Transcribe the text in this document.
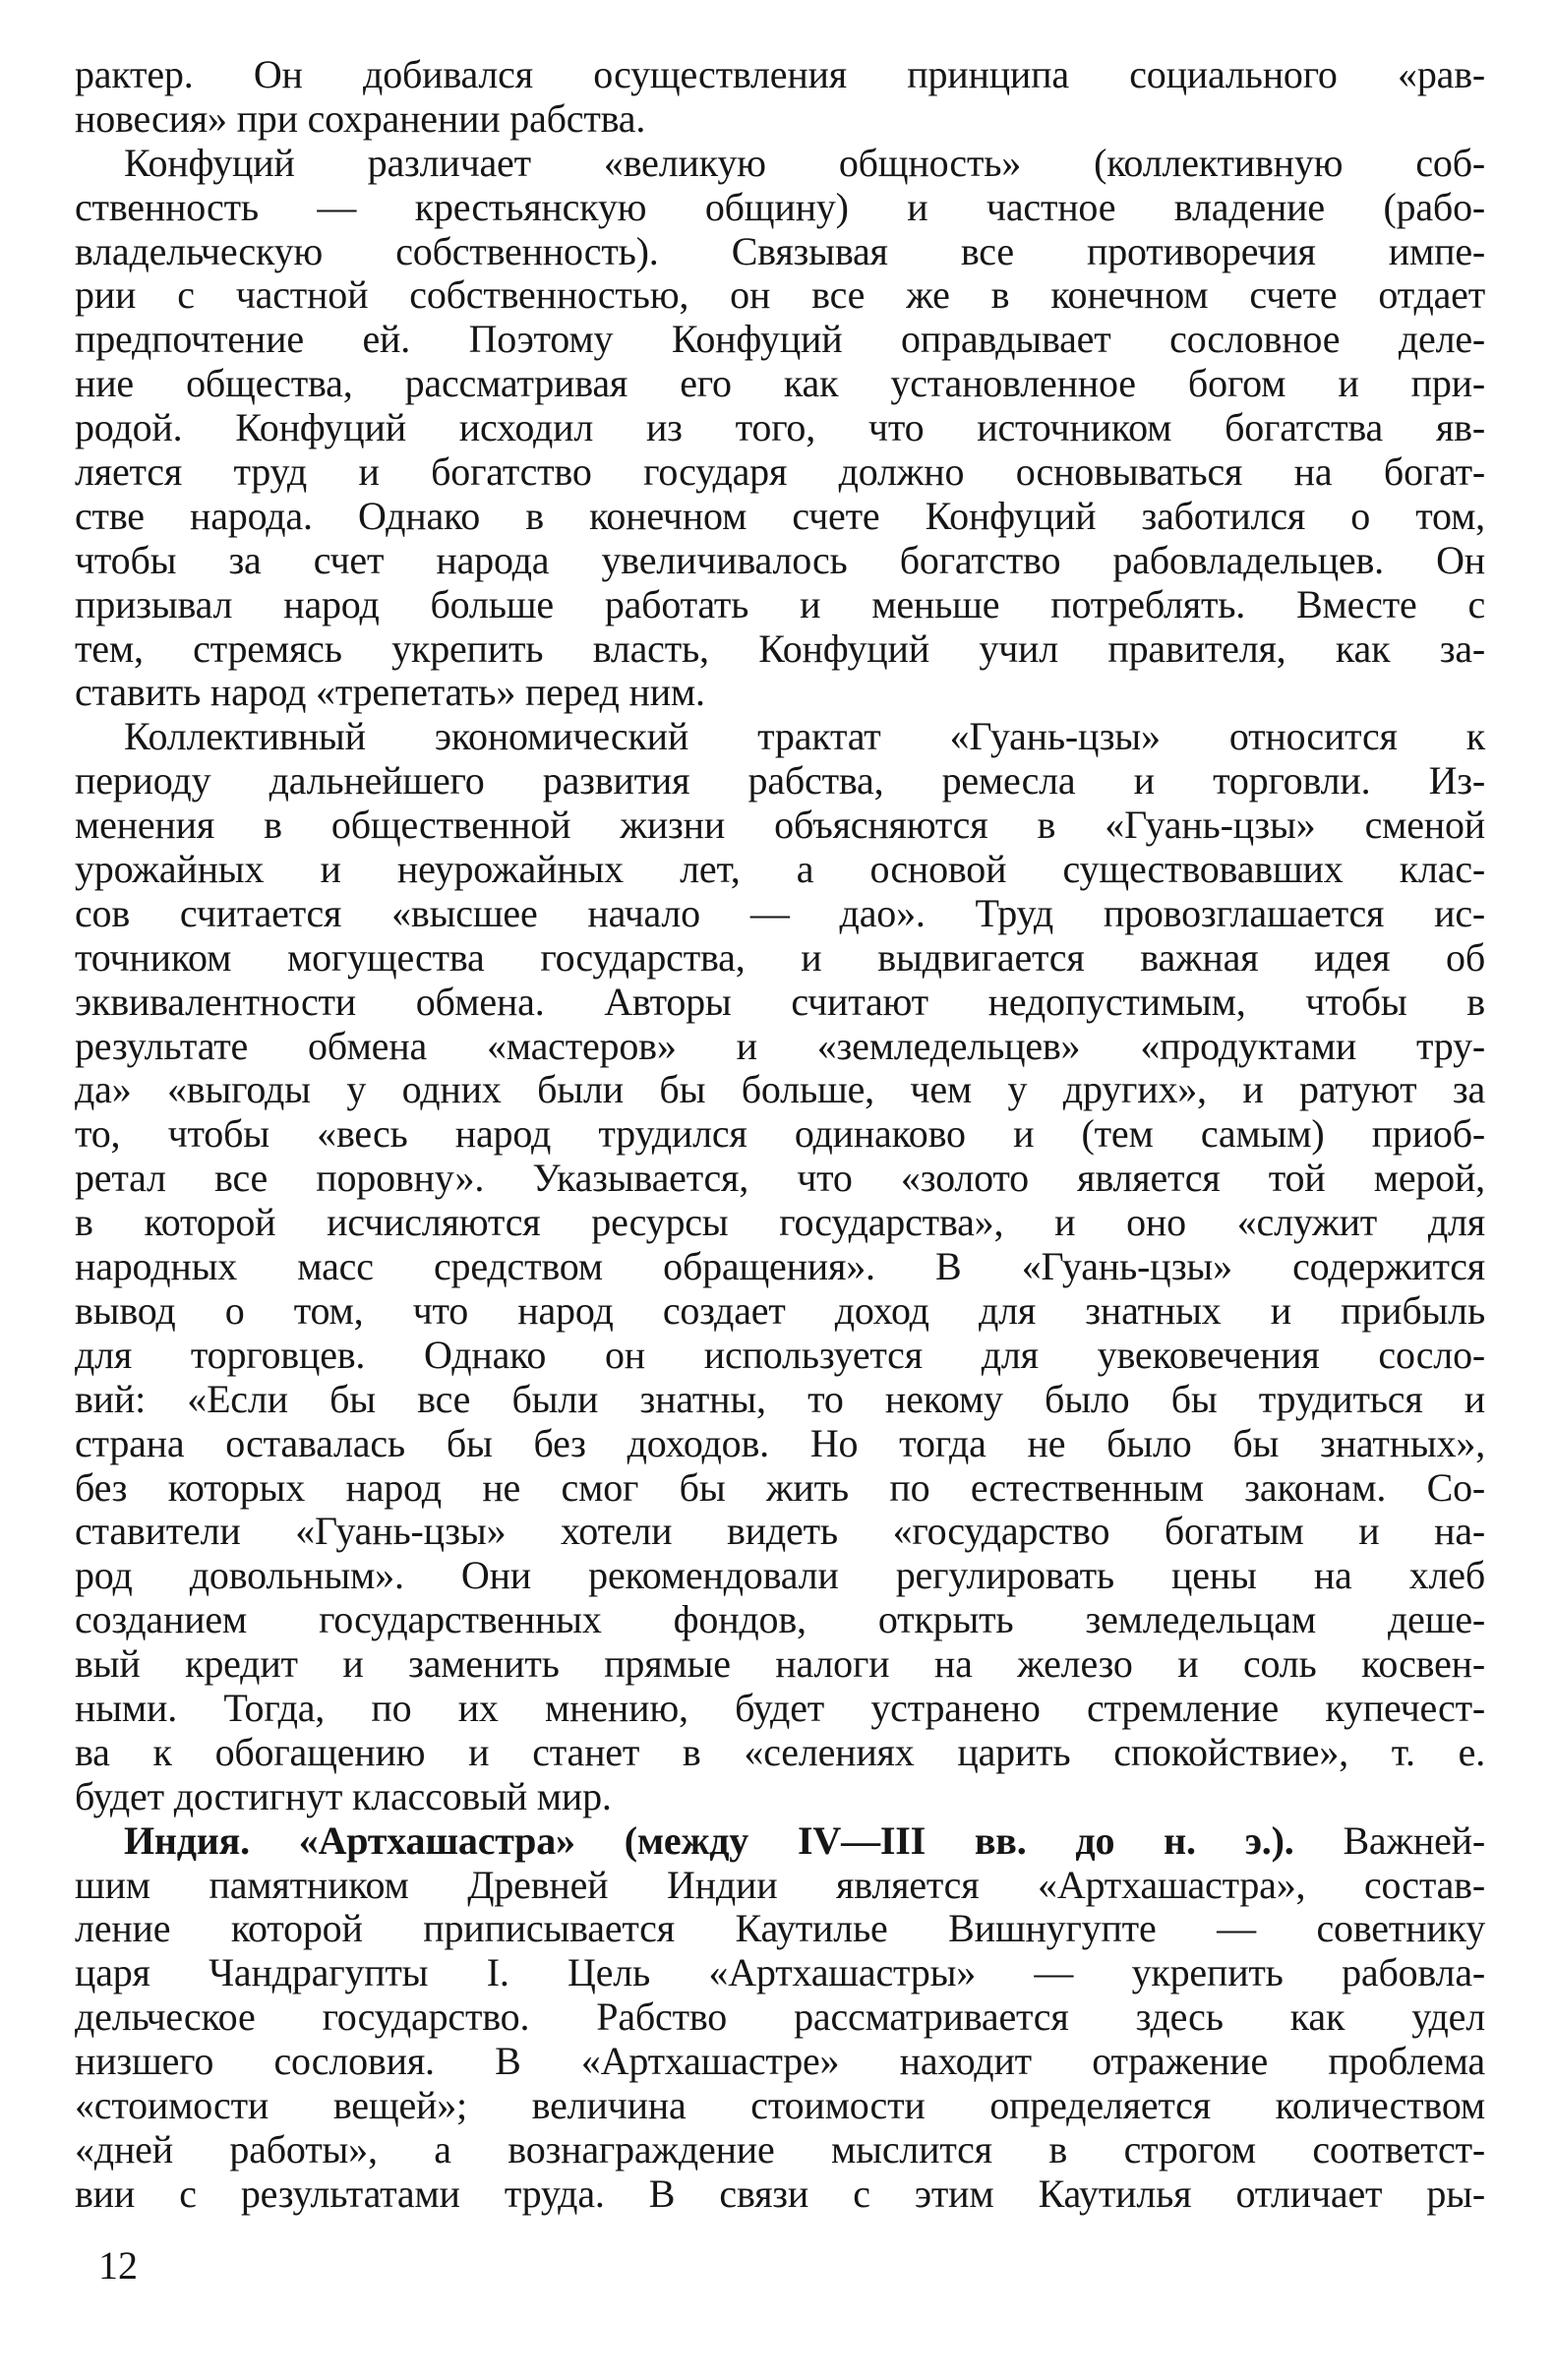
рактер. Он добивался осуществления принципа социального «рав-
новесия» при сохранении рабства.
Конфуций различает «великую общность» (коллективную соб-
ственность — крестьянскую общину) и частное владение (рабо-
владельческую собственность). Связывая все противоречия импе-
рии с частной собственностью, он все же в конечном счете отдает
предпочтение ей. Поэтому Конфуций оправдывает сословное деле-
ние общества, рассматривая его как установленное богом и при-
родой. Конфуций исходил из того, что источником богатства яв-
ляется труд и богатство государя должно основываться на богат-
стве народа. Однако в конечном счете Конфуций заботился о том,
чтобы за счет народа увеличивалось богатство рабовладельцев. Он
призывал народ больше работать и меньше потреблять. Вместе с
тем, стремясь укрепить власть, Конфуций учил правителя, как за-
ставить народ «трепетать» перед ним.
Коллективный экономический трактат «Гуань-цзы» относится к
периоду дальнейшего развития рабства, ремесла и торговли. Из-
менения в общественной жизни объясняются в «Гуань-цзы» сменой
урожайных и неурожайных лет, а основой существовавших клас-
сов считается «высшее начало — дао». Труд провозглашается ис-
точником могущества государства, и выдвигается важная идея об
эквивалентности обмена. Авторы считают недопустимым, чтобы в
результате обмена «мастеров» и «земледельцев» «продуктами тру-
да» «выгоды у одних были бы больше, чем у других», и ратуют за
то, чтобы «весь народ трудился одинаково и (тем самым) приоб-
ретал все поровну». Указывается, что «золото является той мерой,
в которой исчисляются ресурсы государства», и оно «служит для
народных масс средством обращения». В «Гуань-цзы» содержится
вывод о том, что народ создает доход для знатных и прибыль
для торговцев. Однако он используется для увековечения сосло-
вий: «Если бы все были знатны, то некому было бы трудиться и
страна оставалась бы без доходов. Но тогда не было бы знатных»,
без которых народ не смог бы жить по естественным законам. Со-
ставители «Гуань-цзы» хотели видеть «государство богатым и на-
род довольным». Они рекомендовали регулировать цены на хлеб
созданием государственных фондов, открыть земледельцам деше-
вый кредит и заменить прямые налоги на железо и соль косвен-
ными. Тогда, по их мнению, будет устранено стремление купечест-
ва к обогащению и станет в «селениях царить спокойствие», т. е.
будет достигнут классовый мир.
Индия. «Артхашастра» (между IV—III вв. до н. э.). Важней-
шим памятником Древней Индии является «Артхашастра», состав-
ление которой приписывается Каутилье Вишнугупте — советнику
царя Чандрагупты I. Цель «Артхашастры» — укрепить рабовла-
дельческое государство. Рабство рассматривается здесь как удел
низшего сословия. В «Артхашастре» находит отражение проблема
«стоимости вещей»; величина стоимости определяется количеством
«дней работы», а вознаграждение мыслится в строгом соответст-
вии с результатами труда. В связи с этим Каутилья отличает ры-
12
